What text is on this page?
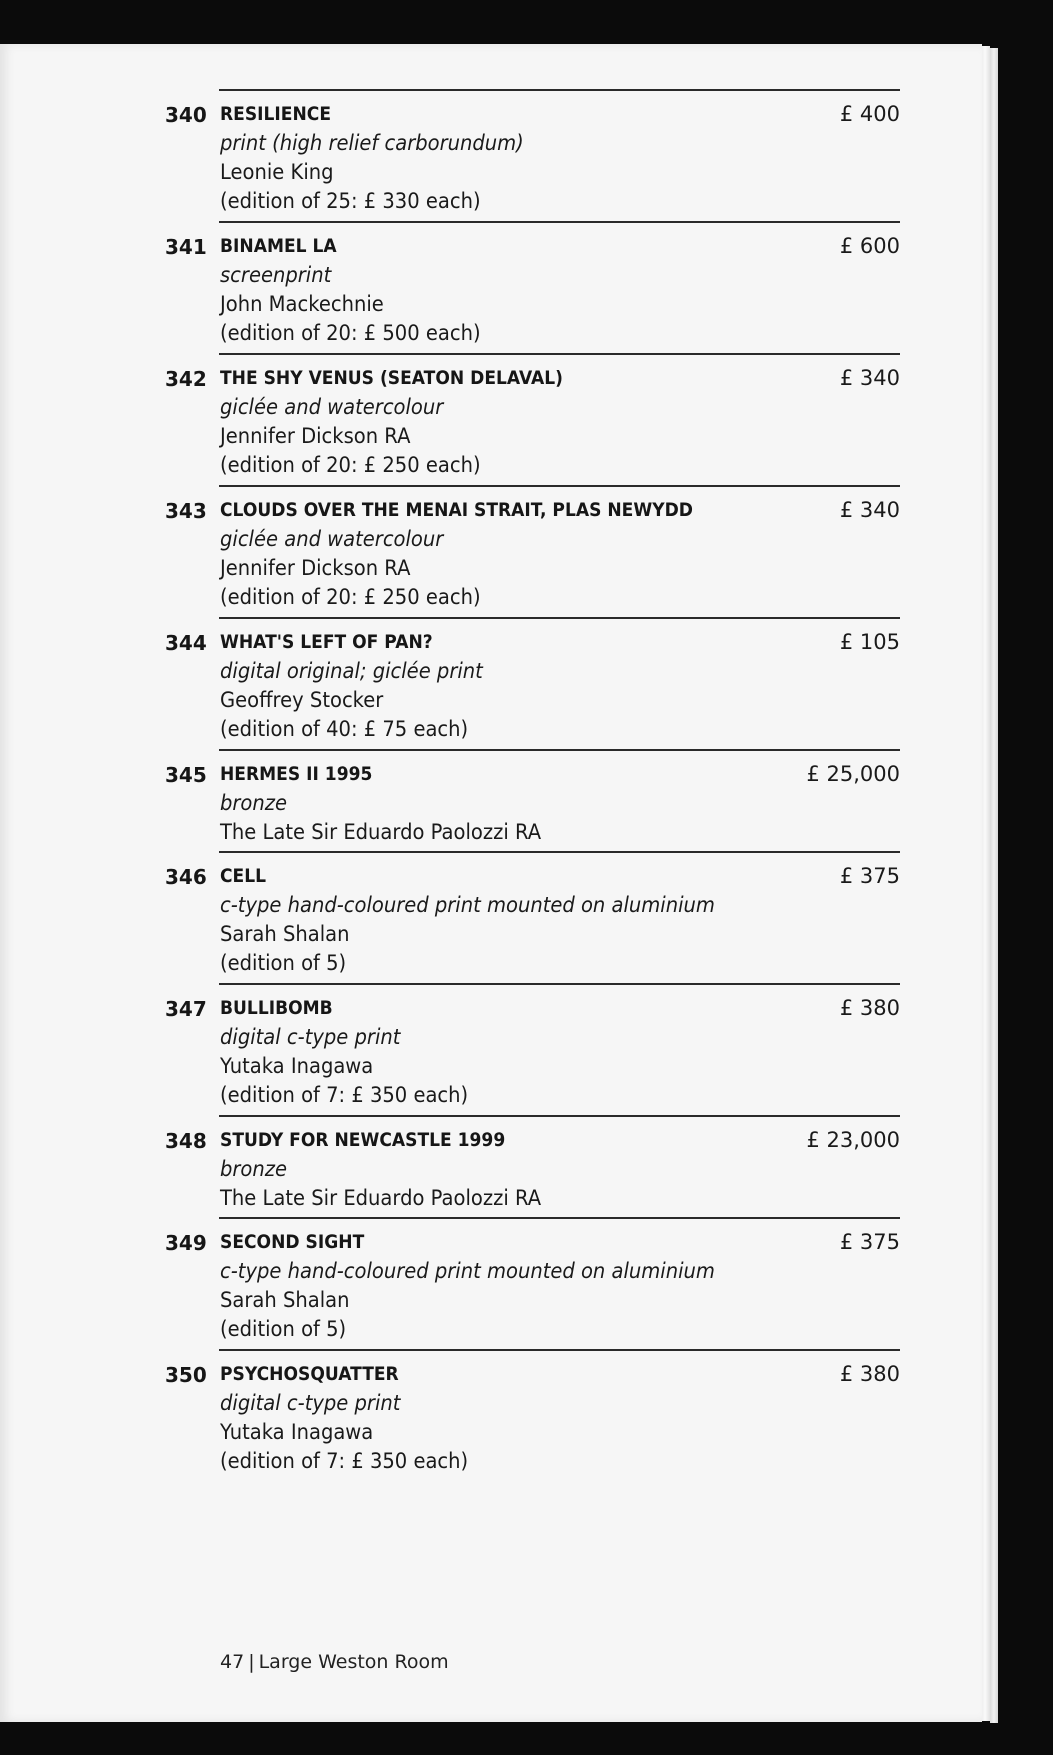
340 RESILIENCE
print (high relief carborundum)
Leonie King
(edition of 25: £ 330 each)
£ 400
341 BINAMEL LA
screenprint
John Mackechnie
(edition of 20: £ 500 each)
£ 600
342 THE SHY VENUS (SEATON DELAVAL)
giclée and watercolour
Jennifer Dickson RA
(edition of 20: £ 250 each)
£ 340
343 CLOUDS OVER THE MENAI STRAIT, PLAS NEWYDD
giclée and watercolour
Jennifer Dickson RA
(edition of 20: £ 250 each)
£ 340
344 WHAT'S LEFT OF PAN?
digital original; giclée print
Geoffrey Stocker
(edition of 40: £ 75 each)
£ 105
345 HERMES II 1995
bronze
The Late Sir Eduardo Paolozzi RA
£ 25,000
346 CELL
c-type hand-coloured print mounted on aluminium
Sarah Shalan
(edition of 5)
£ 375
347 BULLIBOMB
digital c-type print
Yutaka Inagawa
(edition of 7: £ 350 each)
£ 380
348 STUDY FOR NEWCASTLE 1999
bronze
The Late Sir Eduardo Paolozzi RA
£ 23,000
349 SECOND SIGHT
c-type hand-coloured print mounted on aluminium
Sarah Shalan
(edition of 5)
£ 375
350 PSYCHOSQUATTER
digital c-type print
Yutaka Inagawa
(edition of 7: £ 350 each)
£ 380
47 | Large Weston Room
